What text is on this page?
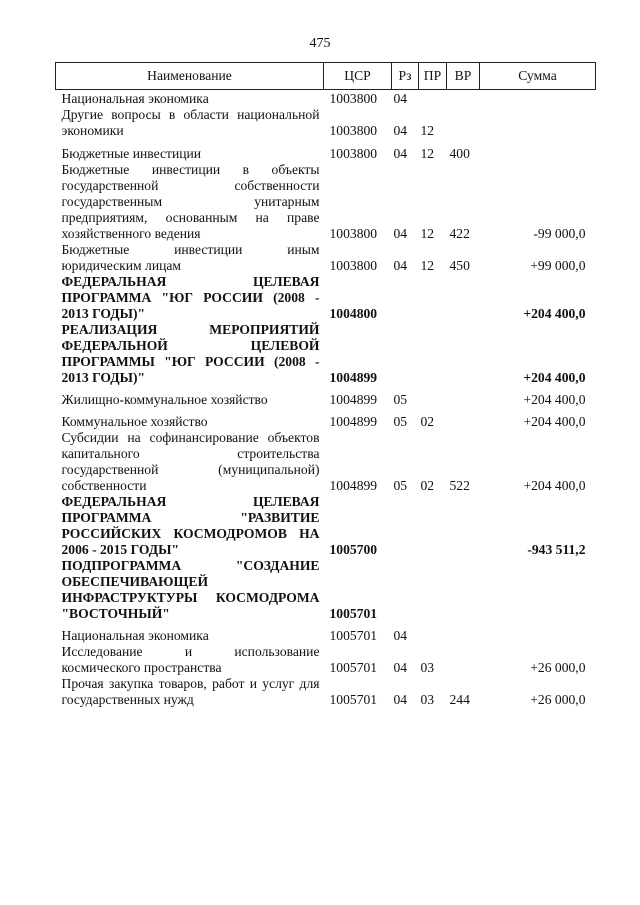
475
Наименование	ЦСР	Рз	ПР	ВР	Сумма
Национальная экономика	1003800	04			
Другие вопросы в области национальной экономики	1003800	04	12		
Бюджетные инвестиции	1003800	04	12	400	
Бюджетные инвестиции в объекты государственной собственности государственным унитарным предприятиям, основанным на праве хозяйственного ведения	1003800	04	12	422	-99 000,0
Бюджетные инвестиции иным юридическим лицам	1003800	04	12	450	+99 000,0
ФЕДЕРАЛЬНАЯ ЦЕЛЕВАЯ ПРОГРАММА "ЮГ РОССИИ (2008 - 2013 ГОДЫ)"	1004800				+204 400,0
РЕАЛИЗАЦИЯ МЕРОПРИЯТИЙ ФЕДЕРАЛЬНОЙ ЦЕЛЕВОЙ ПРОГРАММЫ "ЮГ РОССИИ (2008 - 2013 ГОДЫ)"	1004899				+204 400,0
Жилищно-коммунальное хозяйство	1004899	05			+204 400,0
Коммунальное хозяйство	1004899	05	02		+204 400,0
Субсидии на софинансирование объектов капитального строительства государственной (муниципальной) собственности	1004899	05	02	522	+204 400,0
ФЕДЕРАЛЬНАЯ ЦЕЛЕВАЯ ПРОГРАММА "РАЗВИТИЕ РОССИЙСКИХ КОСМОДРОМОВ НА 2006 - 2015 ГОДЫ"	1005700				-943 511,2
ПОДПРОГРАММА "СОЗДАНИЕ ОБЕСПЕЧИВАЮЩЕЙ ИНФРАСТРУКТУРЫ КОСМОДРОМА "ВОСТОЧНЫЙ"	1005701				
Национальная экономика	1005701	04			
Исследование и использование космического пространства	1005701	04	03		+26 000,0
Прочая закупка товаров, работ и услуг для государственных нужд	1005701	04	03	244	+26 000,0
